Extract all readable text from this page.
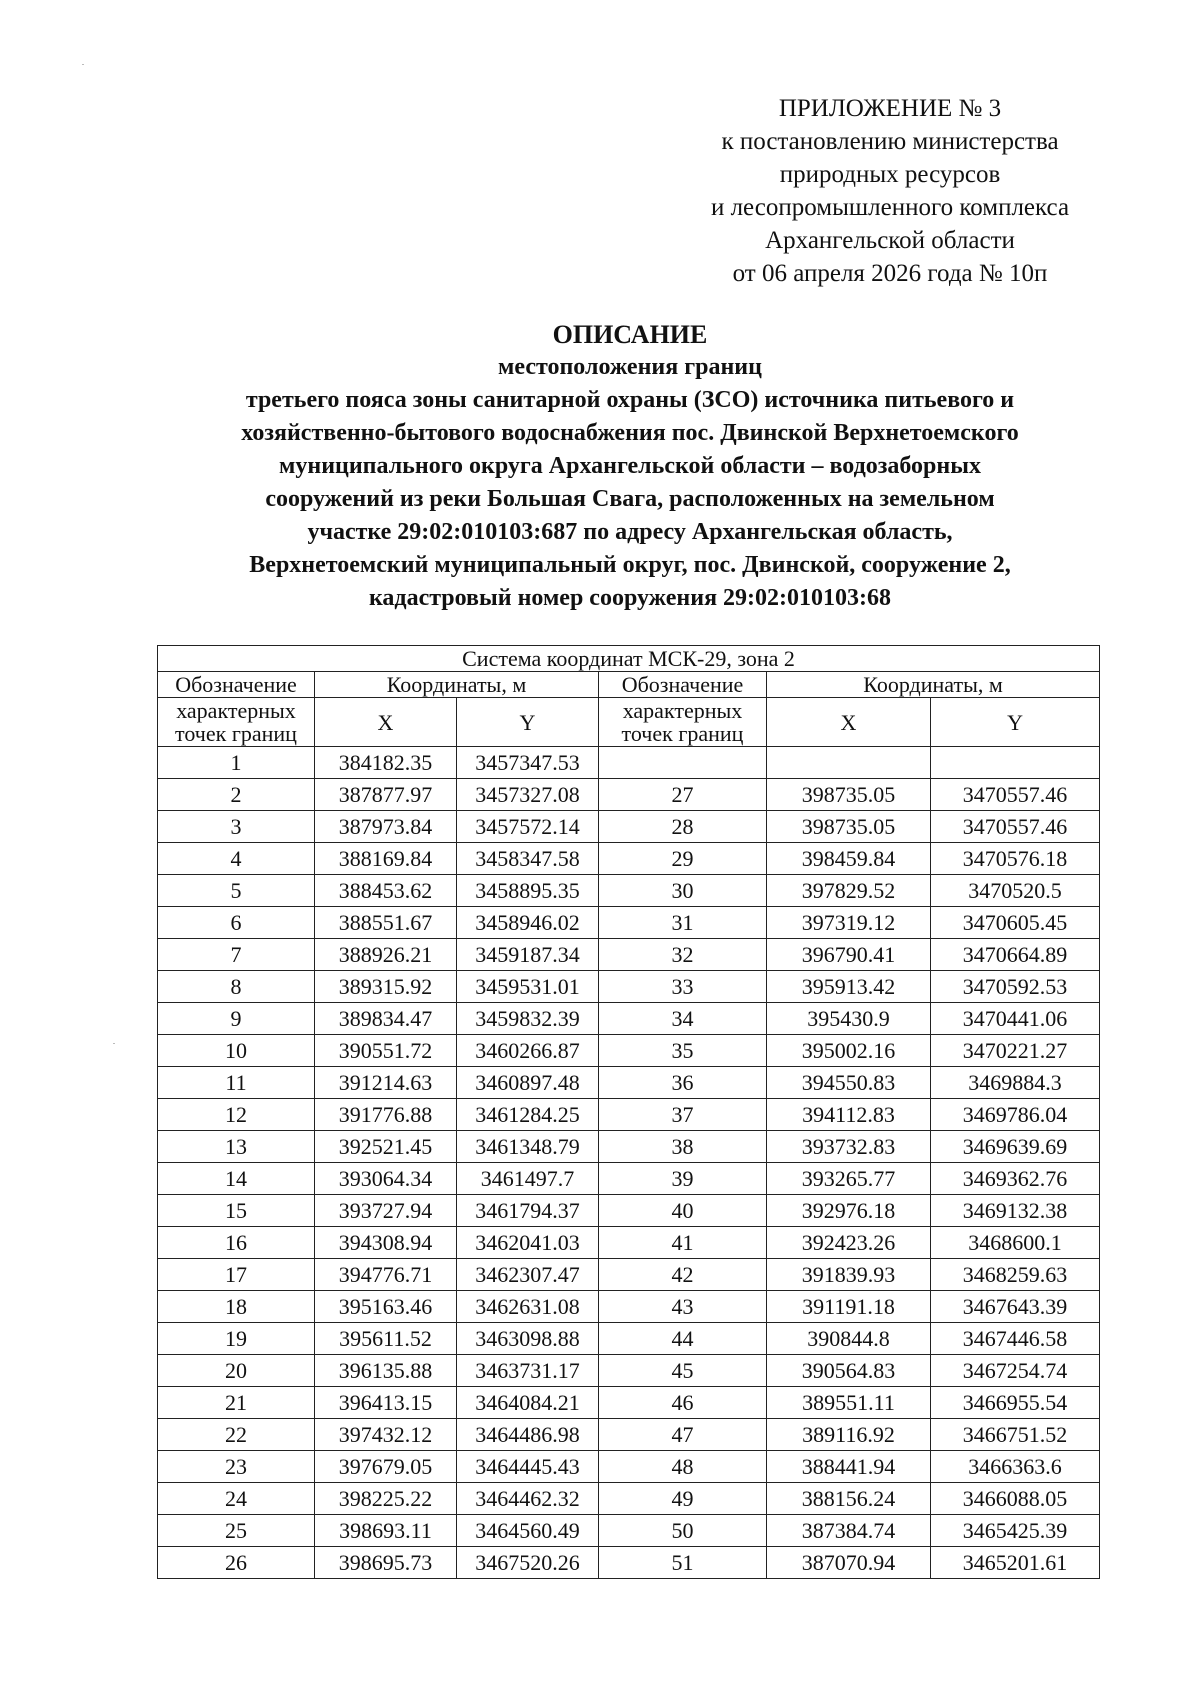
ПРИЛОЖЕНИЕ № 3
к постановлению министерства
природных ресурсов
и лесопромышленного комплекса
Архангельской области
от 06 апреля 2026 года № 10п
ОПИСАНИЕ
местоположения границ
третьего пояса зоны санитарной охраны (ЗСО) источника питьевого и
хозяйственно-бытового водоснабжения пос. Двинской Верхнетоемского
муниципального округа Архангельской области – водозаборных
сооружений из реки Большая Свага, расположенных на земельном
участке 29:02:010103:687 по адресу Архангельская область,
Верхнетоемский муниципальный округ, пос. Двинской, сооружение 2,
кадастровый номер сооружения 29:02:010103:68
Система координат МСК-29, зона 2					
Обозначение	Координаты, м		Обозначение	Координаты, м	
характерных точек границ	X	Y	характерных точек границ	X	Y
1	384182.35	3457347.53			
2	387877.97	3457327.08	27	398735.05	3470557.46
3	387973.84	3457572.14	28	398735.05	3470557.46
4	388169.84	3458347.58	29	398459.84	3470576.18
5	388453.62	3458895.35	30	397829.52	3470520.5
6	388551.67	3458946.02	31	397319.12	3470605.45
7	388926.21	3459187.34	32	396790.41	3470664.89
8	389315.92	3459531.01	33	395913.42	3470592.53
9	389834.47	3459832.39	34	395430.9	3470441.06
10	390551.72	3460266.87	35	395002.16	3470221.27
11	391214.63	3460897.48	36	394550.83	3469884.3
12	391776.88	3461284.25	37	394112.83	3469786.04
13	392521.45	3461348.79	38	393732.83	3469639.69
14	393064.34	3461497.7	39	393265.77	3469362.76
15	393727.94	3461794.37	40	392976.18	3469132.38
16	394308.94	3462041.03	41	392423.26	3468600.1
17	394776.71	3462307.47	42	391839.93	3468259.63
18	395163.46	3462631.08	43	391191.18	3467643.39
19	395611.52	3463098.88	44	390844.8	3467446.58
20	396135.88	3463731.17	45	390564.83	3467254.74
21	396413.15	3464084.21	46	389551.11	3466955.54
22	397432.12	3464486.98	47	389116.92	3466751.52
23	397679.05	3464445.43	48	388441.94	3466363.6
24	398225.22	3464462.32	49	388156.24	3466088.05
25	398693.11	3464560.49	50	387384.74	3465425.39
26	398695.73	3467520.26	51	387070.94	3465201.61
